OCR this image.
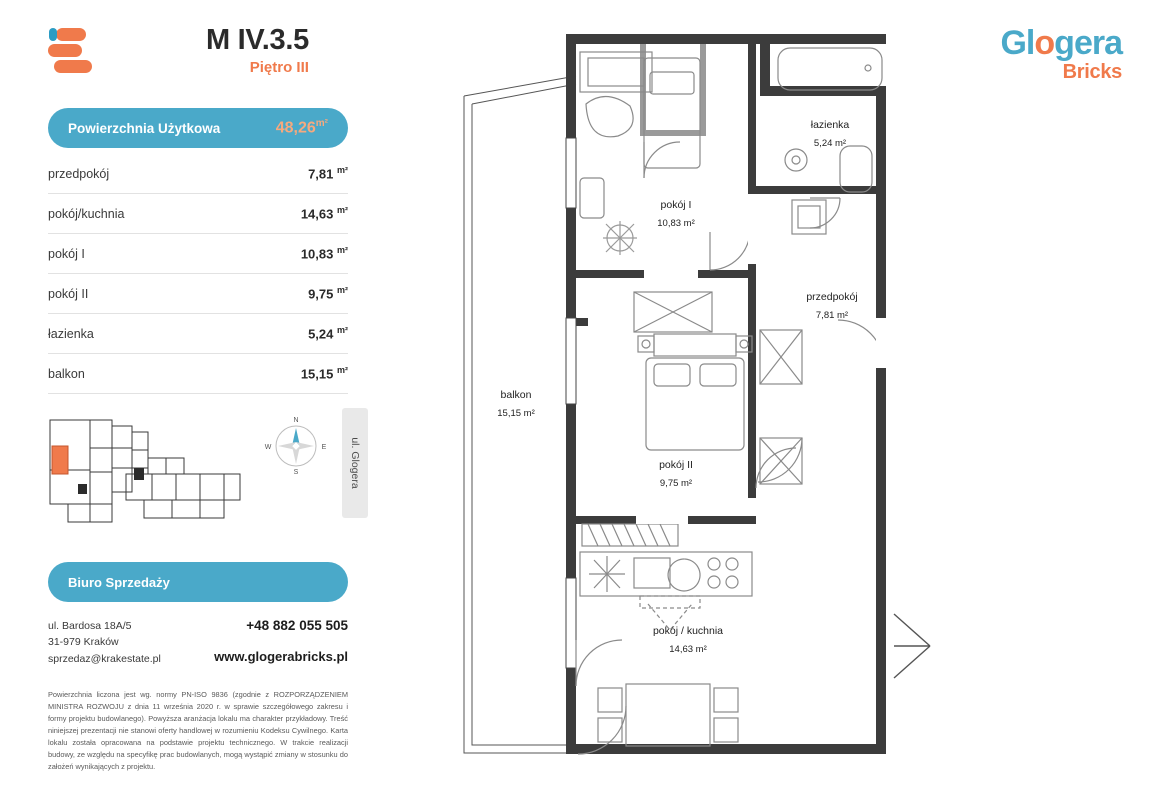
M IV.3.5
Piętro III
Powierzchnia Użytkowa	$48,26^{m^2}$
przedpokój	7,81 $^{m^2}$
pokój/kuchnia	14,63 $^{m^2}$
pokój I	10,83 $^{m^2}$
pokój II	9,75 $^{m^2}$
łazienka	5,24 $^{m^2}$
balkon	15,15 $^{m^2}$
N
S
W	E ul. Glogera
Biuro Sprzedaży
ul. Bardosa 18A/5
31-979 Kraków
sprzedaz@krakestate.pl
+48 882 055 505
www.glogerabricks.pl
Powierzchnia liczona jest wg. normy PN-ISO 9836 (zgodnie z ROZPORZĄDZENIEM MINISTRA ROZWOJU z dnia 11 września 2020 r. w sprawie szczegółowego zakresu i formy projektu budowlanego). Powyższa aranżacja lokalu ma charakter przykładowy. Treść niniejszej prezentacji nie stanowi oferty handlowej w rozumieniu Kodeksu Cywilnego. Karta lokalu została opracowana na podstawie projektu technicznego. W trakcie realizacji budowy, ze względu na specyfikę prac budowlanych, mogą wystąpić zmiany w stosunku do założeń wynikających z projektu.
Glogera
Bricks
łazienka
5,24 m²
pokój I
10,83 m²
przedpokój
7,81 m²
balkon
15,15 m²
pokój II
9,75 m²
pokój / kuchnia
14,63 m²
